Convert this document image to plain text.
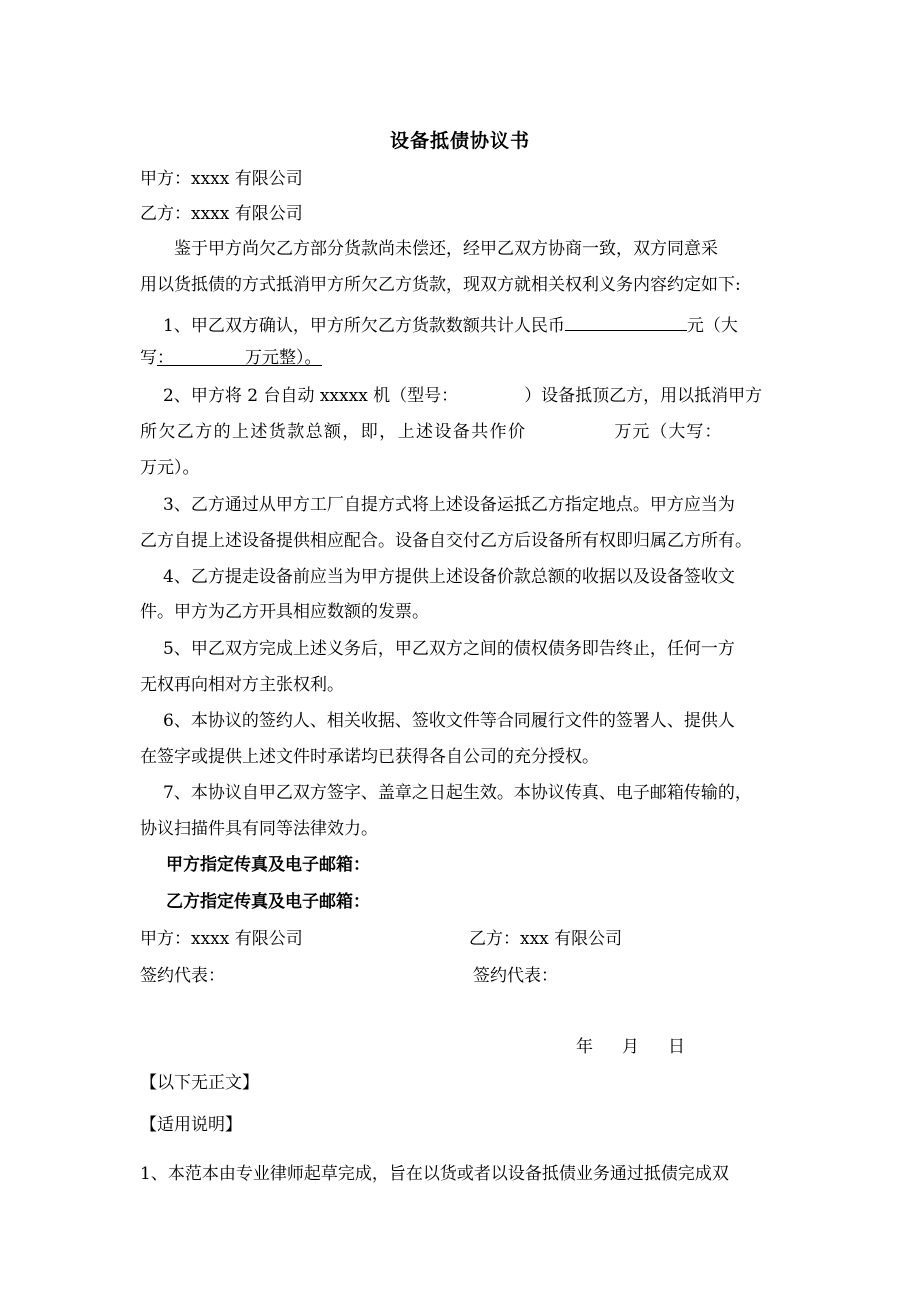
设备抵债协议书
甲方：xxxx 有限公司
乙方：xxxx 有限公司
鉴于甲方尚欠乙方部分货款尚未偿还，经甲乙双方协商一致，双方同意采
用以货抵债的方式抵消甲方所欠乙方货款，现双方就相关权利义务内容约定如下:
1、甲乙双方确认，甲方所欠乙方货款数额共计人民币	元（大
写：	万元整）。
2、甲方将 2 台自动 xxxxx 机（型号：	）设备抵顶乙方，用以抵消甲方
所欠乙方的上述货款总额，即，上述设备共作价	万元（大写：
万元）。
3、乙方通过从甲方工厂自提方式将上述设备运抵乙方指定地点。甲方应当为
乙方自提上述设备提供相应配合。设备自交付乙方后设备所有权即归属乙方所有。
4、乙方提走设备前应当为甲方提供上述设备价款总额的收据以及设备签收文
件。甲方为乙方开具相应数额的发票。
5、甲乙双方完成上述义务后，甲乙双方之间的债权债务即告终止，任何一方
无权再向相对方主张权利。
6、本协议的签约人、相关收据、签收文件等合同履行文件的签署人、提供人
在签字或提供上述文件时承诺均已获得各自公司的充分授权。
7、本协议自甲乙双方签字、盖章之日起生效。本协议传真、电子邮箱传输的，
协议扫描件具有同等法律效力。
甲方指定传真及电子邮箱：
乙方指定传真及电子邮箱：
甲方：xxxx 有限公司	乙方：xxx 有限公司
签约代表：	签约代表：
年 月 日
【以下无正文】
【适用说明】
1、本范本由专业律师起草完成，旨在以货或者以设备抵债业务通过抵债完成双
